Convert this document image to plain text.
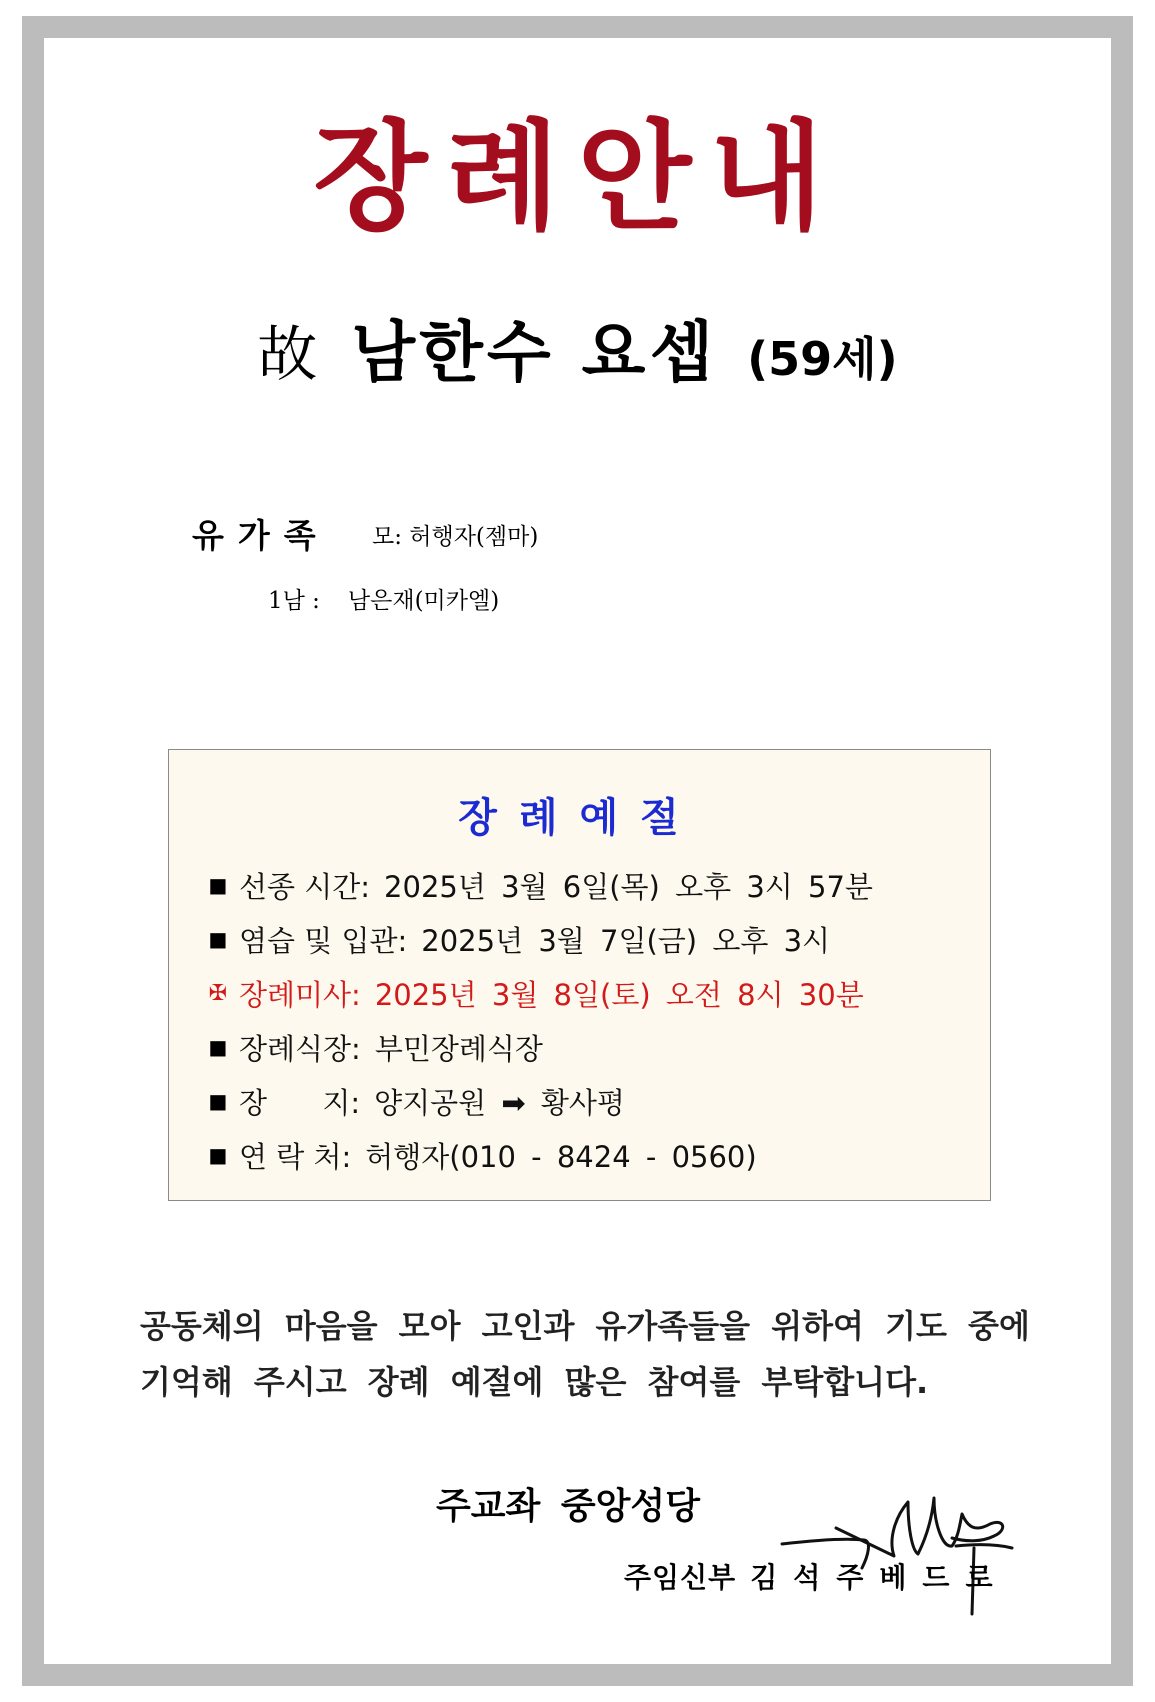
장례안내
故 남한수 요셉 (59세)
유가족 모: 허행자(젬마)
1남 : 남은재(미카엘)
장례예절
■ 선종 시간: 2025년 3월 6일(목) 오후 3시 57분
■ 염습 및 입관: 2025년 3월 7일(금) 오후 3시
✠ 장례미사: 2025년 3월 8일(토) 오전 8시 30분
■ 장례식장: 부민장례식장
■ 장      지: 양지공원 ➡ 황사평
■ 연 락 처: 허행자(010 - 8424 - 0560)
공동체의 마음을 모아 고인과 유가족들을 위하여 기도 중에
기억해 주시고 장례 예절에 많은 참여를 부탁합니다.
주교좌 중앙성당
주임신부 김석주베드로
